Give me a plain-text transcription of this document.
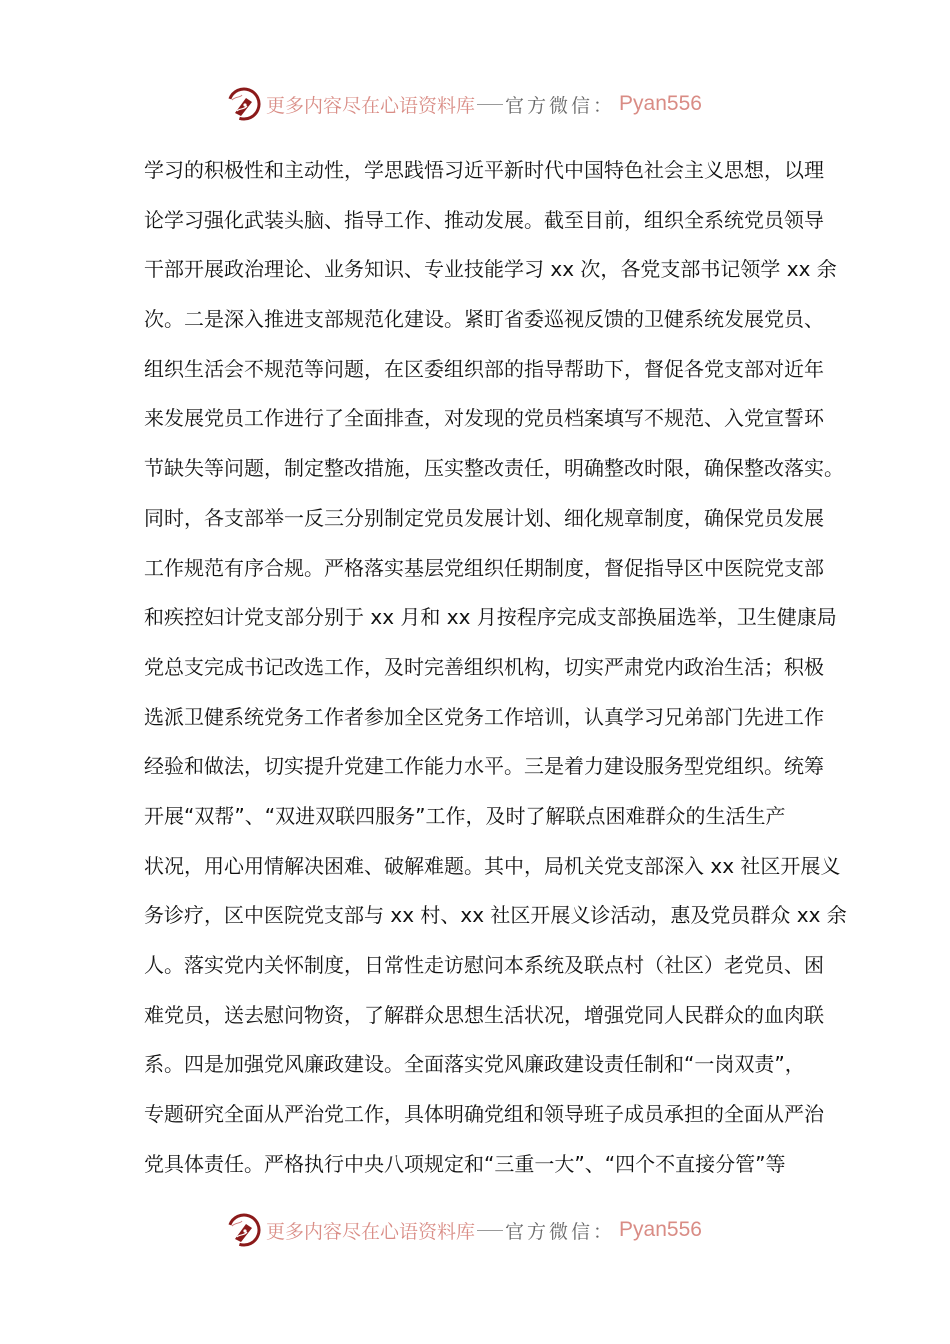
更多内容尽在心语资料库 官方微信： Pyan556
学习的积极性和主动性，学思践悟习近平新时代中国特色社会主义思想，以理
论学习强化武装头脑、指导工作、推动发展。截至目前，组织全系统党员领导
干部开展政治理论、业务知识、专业技能学习 xx 次，各党支部书记领学 xx 余
次。二是深入推进支部规范化建设。紧盯省委巡视反馈的卫健系统发展党员、
组织生活会不规范等问题，在区委组织部的指导帮助下，督促各党支部对近年
来发展党员工作进行了全面排查，对发现的党员档案填写不规范、入党宣誓环
节缺失等问题，制定整改措施，压实整改责任，明确整改时限，确保整改落实。
同时，各支部举一反三分别制定党员发展计划、细化规章制度，确保党员发展
工作规范有序合规。严格落实基层党组织任期制度，督促指导区中医院党支部
和疾控妇计党支部分别于 xx 月和 xx 月按程序完成支部换届选举，卫生健康局
党总支完成书记改选工作，及时完善组织机构，切实严肃党内政治生活；积极
选派卫健系统党务工作者参加全区党务工作培训，认真学习兄弟部门先进工作
经验和做法，切实提升党建工作能力水平。三是着力建设服务型党组织。统筹
开展“双帮”、“双进双联四服务”工作，及时了解联点困难群众的生活生产
状况，用心用情解决困难、破解难题。其中，局机关党支部深入 xx 社区开展义
务诊疗，区中医院党支部与 xx 村、xx 社区开展义诊活动，惠及党员群众 xx 余
人。落实党内关怀制度，日常性走访慰问本系统及联点村（社区）老党员、困
难党员，送去慰问物资，了解群众思想生活状况，增强党同人民群众的血肉联
系。四是加强党风廉政建设。全面落实党风廉政建设责任制和“一岗双责”，
专题研究全面从严治党工作，具体明确党组和领导班子成员承担的全面从严治
党具体责任。严格执行中央八项规定和“三重一大”、“四个不直接分管”等
更多内容尽在心语资料库 官方微信： Pyan556
